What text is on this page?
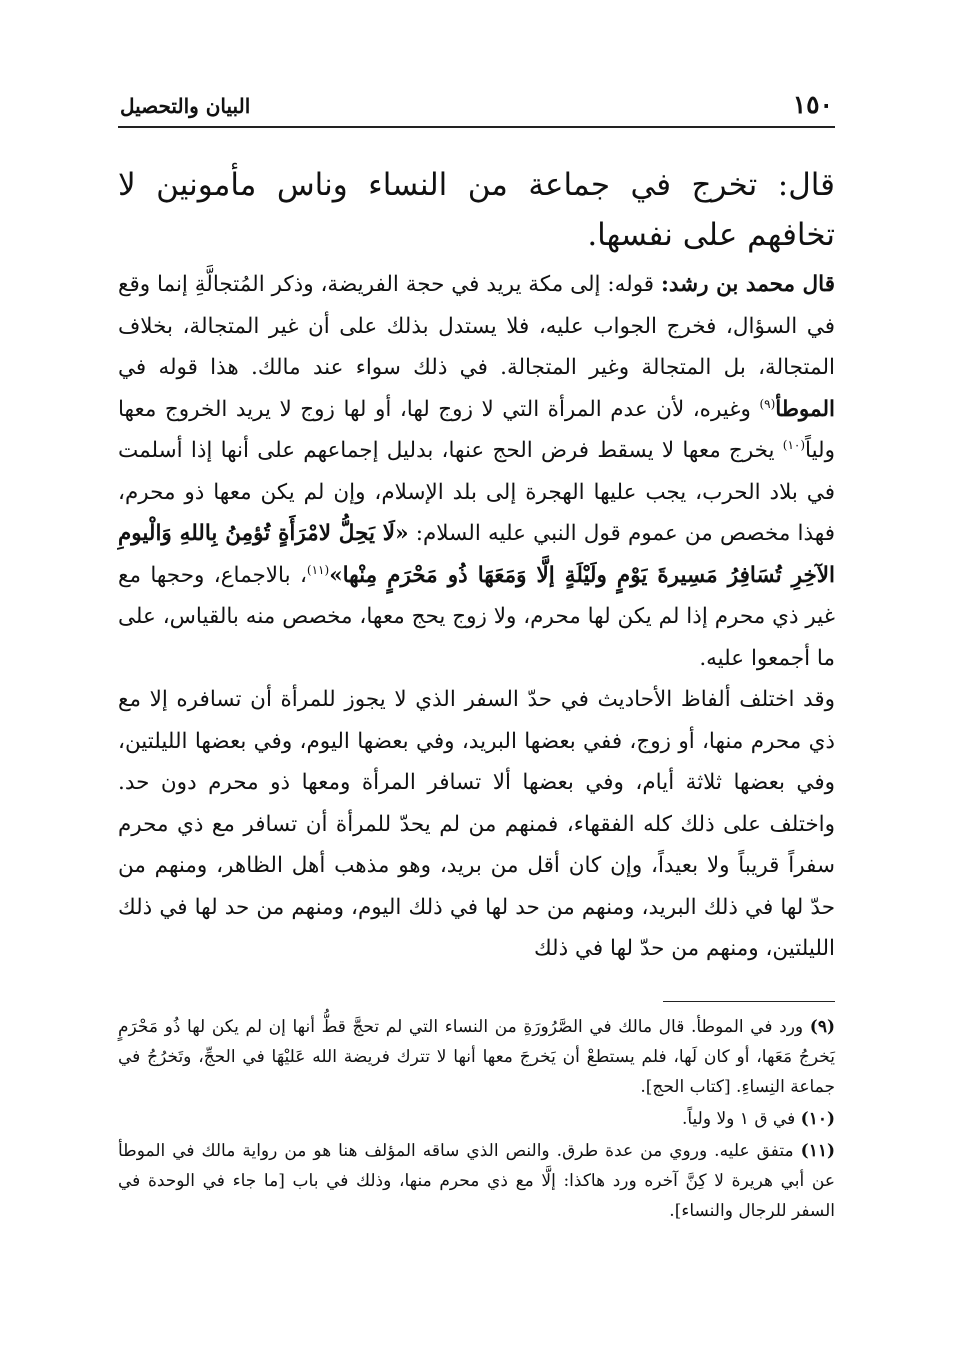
١٥٠
البيان والتحصيل

قال: تخرج في جماعة من النساء وناس مأمونين لا تخافهم على نفسها.

قال محمد بن رشد: قوله: إلى مكة يريد في حجة الفريضة، وذكر المُتجالَّةِ إنما وقع في السؤال، فخرج الجواب عليه، فلا يستدل بذلك على أن غير المتجالة، بخلاف المتجالة، بل المتجالة وغير المتجالة. في ذلك سواء عند مالك. هذا قوله في الموطأ$^{(٩)}$ وغيره، لأن عدم المرأة التي لا زوج لها، أو لها زوج لا يريد الخروج معها ولياً$^{(١٠)}$ يخرج معها لا يسقط فرض الحج عنها، بدليل إجماعهم على أنها إذا أسلمت في بلاد الحرب، يجب عليها الهجرة إلى بلد الإسلام، وإن لم يكن معها ذو محرم، فهذا مخصص من عموم قول النبي عليه السلام: «لَا يَحِلُّ لامْرَأَةٍ تُؤمِنُ بِاللهِ وَالْيومِ الآخِرِ تُسَافِرُ مَسِيرةَ يَوْمٍ ولَيْلَةٍ إلَّا وَمَعَهَا ذُو مَحْرَمٍ مِنْها»$^{(١١)}$، بالاجماع، وحجها مع غير ذي محرم إذا لم يكن لها محرم، ولا زوج يحج معها، مخصص منه بالقياس، على ما أجمعوا عليه.

وقد اختلف ألفاظ الأحاديث في حدّ السفر الذي لا يجوز للمرأة أن تسافره إلا مع ذي محرم منها، أو زوج، ففي بعضها البريد، وفي بعضها اليوم، وفي بعضها الليلتين، وفي بعضها ثلاثة أيام، وفي بعضها ألا تسافر المرأة ومعها ذو محرم دون حد. واختلف على ذلك كله الفقهاء، فمنهم من لم يحدّ للمرأة أن تسافر مع ذي محرم سفراً قريباً ولا بعيداً، وإن كان أقل من بريد، وهو مذهب أهل الظاهر، ومنهم من حدّ لها في ذلك البريد، ومنهم من حد لها في ذلك اليوم، ومنهم من حد لها في ذلك الليلتين، ومنهم من حدّ لها في ذلك

(٩) ورد في الموطأ. قال مالك في الصَّرُورَةِ من النساء التي لم تحجَّ قطُّ أنها إن لم يكن لها ذُو مَحْرَمٍ يَخرجُ مَعَها، أو كان لَها، فلم يستطعْ أن يَخرجَ معها أنها لا تترك فريضة الله عَليْهَا في الحجِّ، وتَخرُجُ في جماعة النِساءِ. [كتاب الحج].
(١٠) في ق ١ ولا ولياً.
(١١) متفق عليه. وروي من عدة طرق. والنص الذي ساقه المؤلف هنا هو من رواية مالك في الموطأ عن أبي هريرة لا كِنَّ آخره ورد هاكذا: إلَّا مع ذي محرم منها، وذلك في باب [ما جاء في الوحدة في السفر للرجال والنساء].
